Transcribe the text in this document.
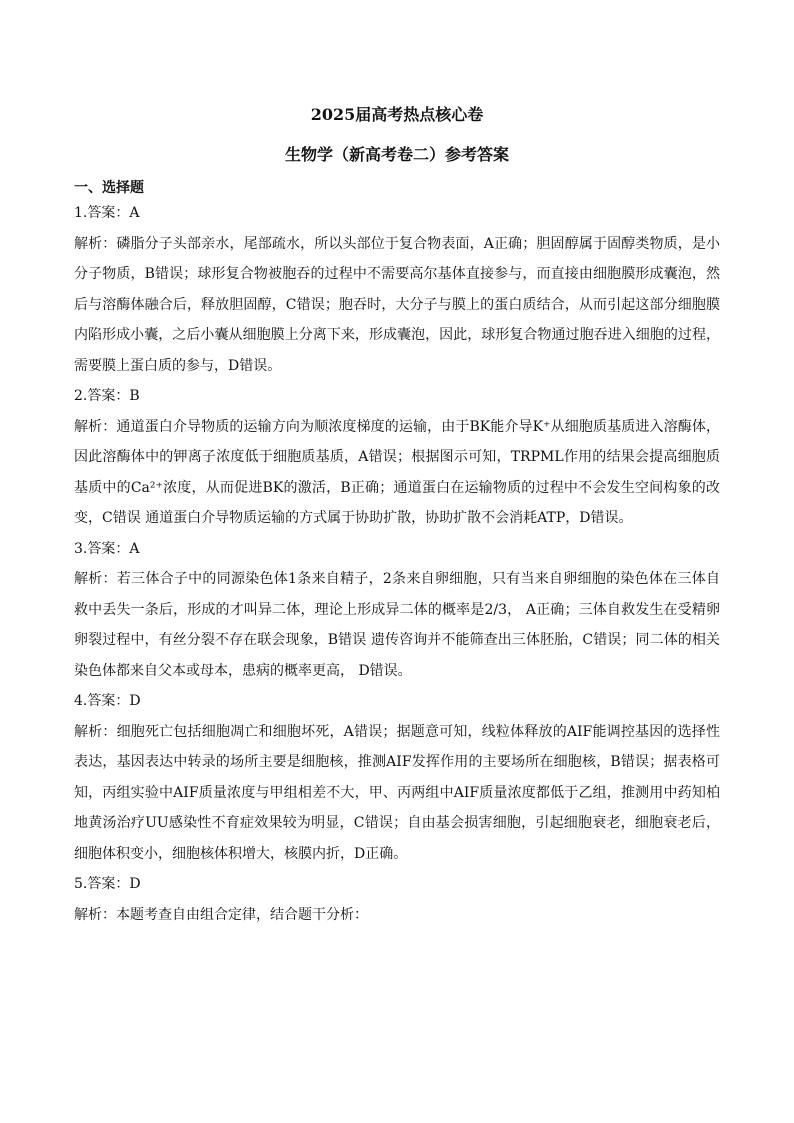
2025届高考热点核心卷
生物学（新高考卷二）参考答案
一、选择题
1.答案：A
解析：磷脂分子头部亲水，尾部疏水，所以头部位于复合物表面，A正确；胆固醇属于固醇类物质，是小分子物质，B错误；球形复合物被胞吞的过程中不需要高尔基体直接参与，而直接由细胞膜形成囊泡，然后与溶酶体融合后，释放胆固醇，C错误；胞吞时，大分子与膜上的蛋白质结合，从而引起这部分细胞膜内陷形成小囊，之后小囊从细胞膜上分离下来，形成囊泡，因此，球形复合物通过胞吞进入细胞的过程，需要膜上蛋白质的参与，D错误。
2.答案：B
解析：通道蛋白介导物质的运输方向为顺浓度梯度的运输，由于BK能介导K⁺从细胞质基质进入溶酶体，因此溶酶体中的钾离子浓度低于细胞质基质，A错误；根据图示可知，TRPML作用的结果会提高细胞质基质中的Ca²⁺浓度，从而促进BK的激活，B正确；通道蛋白在运输物质的过程中不会发生空间构象的改变，C错误 通道蛋白介导物质运输的方式属于协助扩散，协助扩散不会消耗ATP，D错误。
3.答案：A
解析：若三体合子中的同源染色体1条来自精子，2条来自卵细胞，只有当来自卵细胞的染色体在三体自救中丢失一条后，形成的才叫异二体，理论上形成异二体的概率是2/3， A正确；三体自救发生在受精卵卵裂过程中，有丝分裂不存在联会现象，B错误 遗传咨询并不能筛查出三体胚胎，C错误；同二体的相关染色体都来自父本或母本，患病的概率更高， D错误。
4.答案：D
解析：细胞死亡包括细胞凋亡和细胞坏死，A错误；据题意可知，线粒体释放的AIF能调控基因的选择性表达，基因表达中转录的场所主要是细胞核，推测AIF发挥作用的主要场所在细胞核，B错误；据表格可知，丙组实验中AIF质量浓度与甲组相差不大，甲、丙两组中AIF质量浓度都低于乙组，推测用中药知柏地黄汤治疗UU感染性不育症效果较为明显，C错误；自由基会损害细胞，引起细胞衰老，细胞衰老后，细胞体积变小，细胞核体积增大，核膜内折，D正确。
5.答案：D
解析：本题考查自由组合定律，结合题干分析：
